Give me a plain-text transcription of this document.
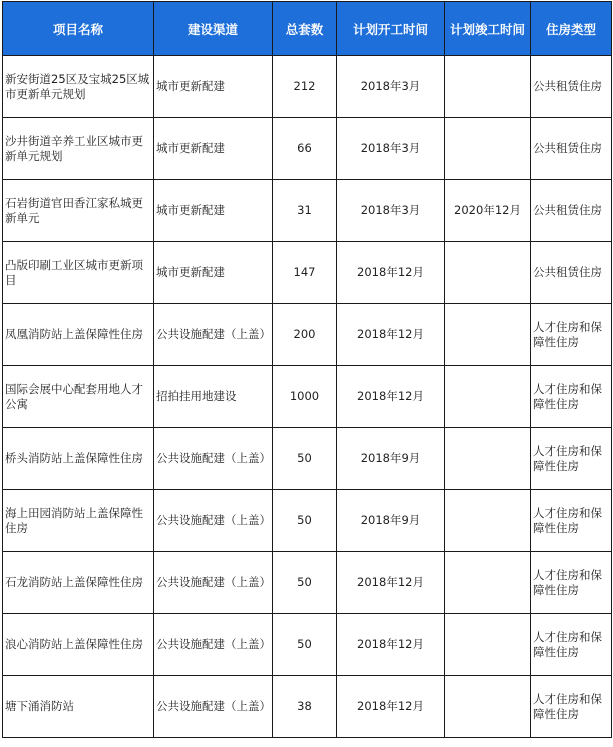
项目名称	建设渠道	总套数	计划开工时间	计划竣工时间	住房类型
新安街道25区及宝城25区城市更新单元规划	城市更新配建	212	2018年3月		公共租赁住房
沙井街道辛养工业区城市更新单元规划	城市更新配建	66	2018年3月		公共租赁住房
石岩街道官田香江家私城更新单元	城市更新配建	31	2018年3月	2020年12月	公共租赁住房
凸版印刷工业区城市更新项目	城市更新配建	147	2018年12月		公共租赁住房
凤凰消防站上盖保障性住房	公共设施配建（上盖）	200	2018年12月		人才住房和保障性住房
国际会展中心配套用地人才公寓	招拍挂用地建设	1000	2018年12月		人才住房和保障性住房
桥头消防站上盖保障性住房	公共设施配建（上盖）	50	2018年9月		人才住房和保障性住房
海上田园消防站上盖保障性住房	公共设施配建（上盖）	50	2018年9月		人才住房和保障性住房
石龙消防站上盖保障性住房	公共设施配建（上盖）	50	2018年12月		人才住房和保障性住房
浪心消防站上盖保障性住房	公共设施配建（上盖）	50	2018年12月		人才住房和保障性住房
塘下涌消防站	公共设施配建（上盖）	38	2018年12月		人才住房和保障性住房
